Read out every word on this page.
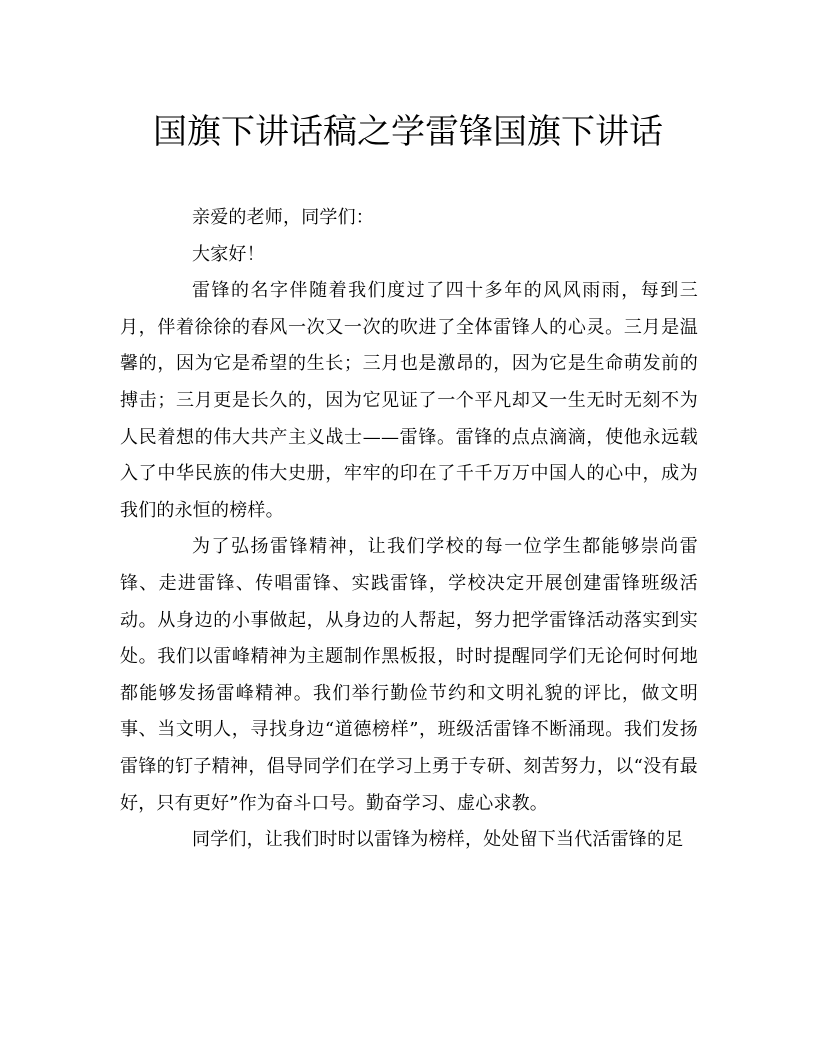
国旗下讲话稿之学雷锋国旗下讲话

亲爱的老师，同学们：

大家好！

雷锋的名字伴随着我们度过了四十多年的风风雨雨，每到三月，伴着徐徐的春风一次又一次的吹进了全体雷锋人的心灵。三月是温馨的，因为它是希望的生长；三月也是激昂的，因为它是生命萌发前的搏击；三月更是长久的，因为它见证了一个平凡却又一生无时无刻不为人民着想的伟大共产主义战士——雷锋。雷锋的点点滴滴，使他永远载入了中华民族的伟大史册，牢牢的印在了千千万万中国人的心中，成为我们的永恒的榜样。

为了弘扬雷锋精神，让我们学校的每一位学生都能够崇尚雷锋、走进雷锋、传唱雷锋、实践雷锋，学校决定开展创建雷锋班级活动。从身边的小事做起，从身边的人帮起，努力把学雷锋活动落实到实处。我们以雷峰精神为主题制作黑板报，时时提醒同学们无论何时何地都能够发扬雷峰精神。我们举行勤俭节约和文明礼貌的评比，做文明事、当文明人，寻找身边“道德榜样”，班级活雷锋不断涌现。我们发扬雷锋的钉子精神，倡导同学们在学习上勇于专研、刻苦努力，以“没有最好，只有更好”作为奋斗口号。勤奋学习、虚心求教。

同学们，让我们时时以雷锋为榜样，处处留下当代活雷锋的足
